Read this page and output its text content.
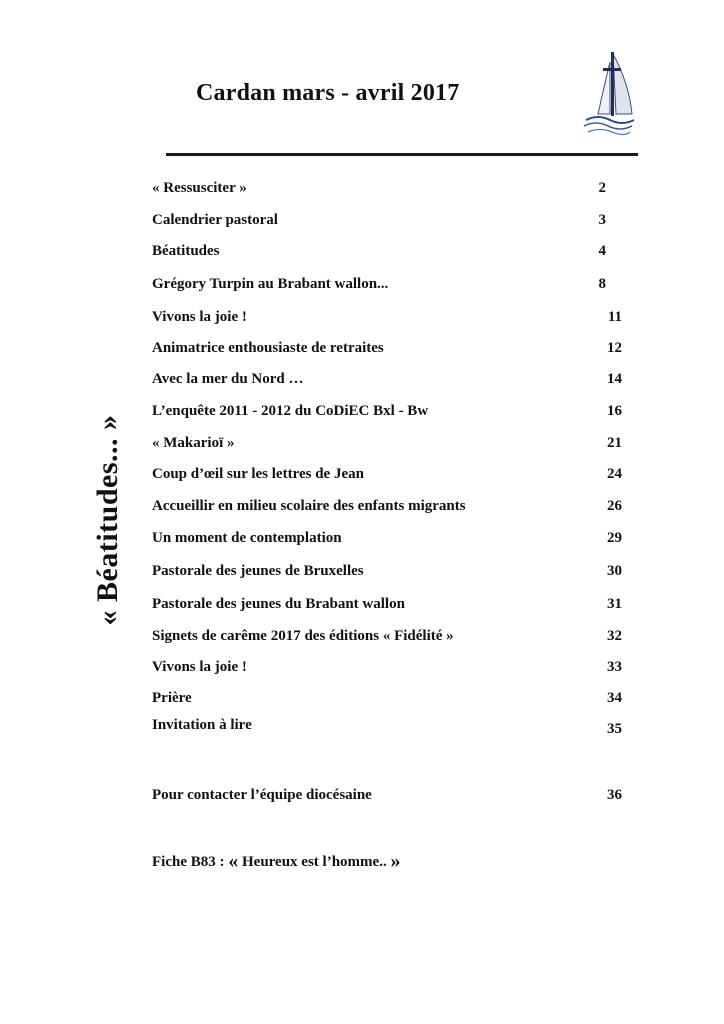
Cardan mars - avril 2017
« Béatitudes... »
« Ressusciter »	2
Calendrier pastoral	3
Béatitudes	4
Grégory Turpin au Brabant wallon...	8
Vivons la joie !	11
Animatrice enthousiaste de retraites	12
Avec la mer du Nord …	14
L’enquête 2011 - 2012 du CoDiEC Bxl - Bw	16
« Makarioï »	21
Coup d’œil sur les lettres de Jean	24
Accueillir en milieu scolaire des enfants migrants	26
Un moment de contemplation	29
Pastorale des jeunes de Bruxelles	30
Pastorale des jeunes du Brabant wallon	31
Signets de carême 2017 des éditions « Fidélité »	32
Vivons la joie !	33
Prière	34
Invitation à lire	35
Pour contacter l’équipe diocésaine	36
Fiche B83 : « Heureux est l’homme.. »
